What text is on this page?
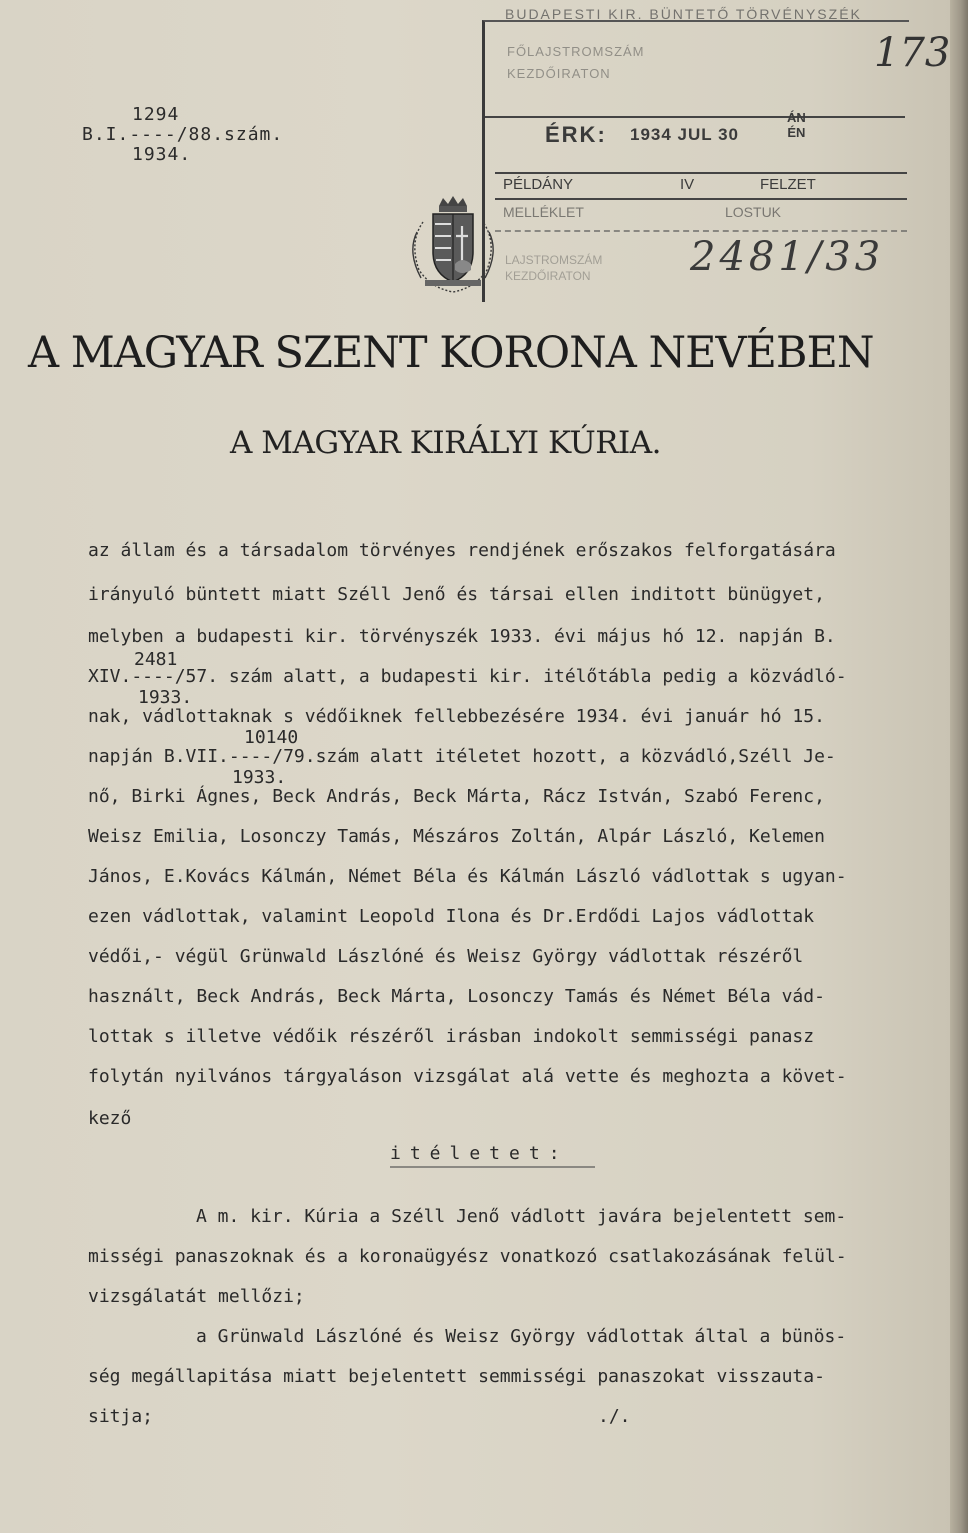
1294
B.I.----/88.szám.
1934.
BUDAPESTI KIR. BÜNTETŐ TÖRVÉNYSZÉK
FŐLAJSTROMSZÁM
KEZDŐIRATON
ÉRK: 1934 JUL 30
ÁN
ÉN
PÉLDÁNY	IV	FELZET
MELLÉKLET	LOSTUK
LAJSTROMSZÁM
KEZDŐIRATON 2481/33
173
A MAGYAR SZENT KORONA NEVÉBEN
A MAGYAR KIRÁLYI KÚRIA.
az állam és a társadalom törvényes rendjének erőszakos felforgatására
irányuló büntett miatt Széll Jenő és társai ellen inditott bünügyet,
melyben a budapesti kir. törvényszék 1933. évi május hó 12. napján B.
2481
XIV.----/57. szám alatt, a budapesti kir. itélőtábla pedig a közvádló-
1933.
nak, vádlottaknak s védőiknek fellebbezésére 1934. évi január hó 15.
10140
napján B.VII.----/79.szám alatt itéletet hozott, a közvádló,Széll Je-
1933.
nő, Birki Ágnes, Beck András, Beck Márta, Rácz István, Szabó Ferenc,
Weisz Emilia, Losonczy Tamás, Mészáros Zoltán, Alpár László, Kelemen
János, E.Kovács Kálmán, Német Béla és Kálmán László vádlottak s ugyan-
ezen vádlottak, valamint Leopold Ilona és Dr.Erdődi Lajos vádlottak
védői,- végül Grünwald Lászlóné és Weisz György vádlottak részéről
használt, Beck András, Beck Márta, Losonczy Tamás és Német Béla vád-
lottak s illetve védőik részéről irásban indokolt semmisségi panasz
folytán nyilvános tárgyaláson vizsgálat alá vette és meghozta a követ-
kező
itéletet:
A m. kir. Kúria a Széll Jenő vádlott javára bejelentett sem-
misségi panaszoknak és a koronaügyész vonatkozó csatlakozásának felül-
vizsgálatát mellőzi;
a Grünwald Lászlóné és Weisz György vádlottak által a bünös-
ség megállapitása miatt bejelentett semmisségi panaszokat visszauta-
sitja;	./.
